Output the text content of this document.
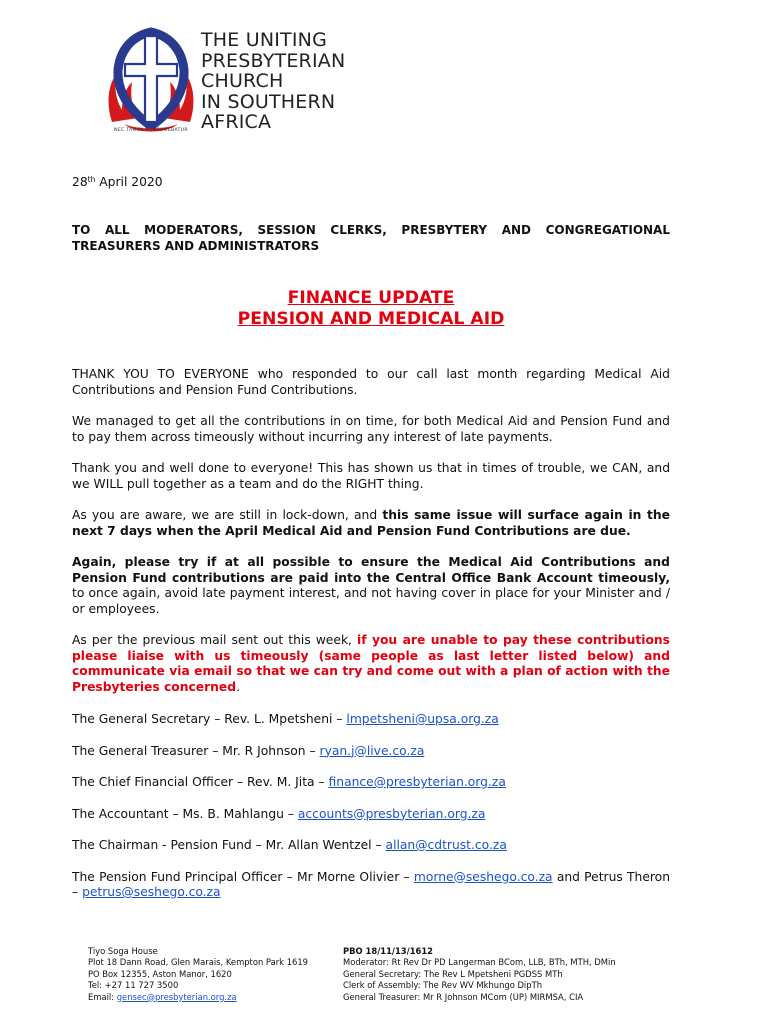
THE UNITING
PRESBYTERIAN
CHURCH
IN SOUTHERN
AFRICA
NEC TAMEN CONSUMEBATUR
28th April 2020
TO ALL MODERATORS, SESSION CLERKS, PRESBYTERY AND CONGREGATIONAL
TREASURERS AND ADMINISTRATORS
FINANCE UPDATE
PENSION AND MEDICAL AID

THANK YOU TO EVERYONE who responded to our call last month regarding Medical Aid Contributions and Pension Fund Contributions.

We managed to get all the contributions in on time, for both Medical Aid and Pension Fund and to pay them across timeously without incurring any interest of late payments.

Thank you and well done to everyone! This has shown us that in times of trouble, we CAN, and we WILL pull together as a team and do the RIGHT thing.

As you are aware, we are still in lock-down, and this same issue will surface again in the next 7 days when the April Medical Aid and Pension Fund Contributions are due.

Again, please try if at all possible to ensure the Medical Aid Contributions and Pension Fund contributions are paid into the Central Office Bank Account timeously, to once again, avoid late payment interest, and not having cover in place for your Minister and / or employees.

As per the previous mail sent out this week, if you are unable to pay these contributions please liaise with us timeously (same people as last letter listed below) and communicate via email so that we can try and come out with a plan of action with the Presbyteries concerned.

The General Secretary – Rev. L. Mpetsheni – lmpetsheni@upsa.org.za
The General Treasurer – Mr. R Johnson – ryan.j@live.co.za
The Chief Financial Officer – Rev. M. Jita – finance@presbyterian.org.za
The Accountant – Ms. B. Mahlangu – accounts@presbyterian.org.za
The Chairman - Pension Fund – Mr. Allan Wentzel – allan@cdtrust.co.za
The Pension Fund Principal Officer – Mr Morne Olivier – morne@seshego.co.za and Petrus Theron – petrus@seshego.co.za
Tiyo Soga House
Plot 18 Dann Road, Glen Marais, Kempton Park 1619
PO Box 12355, Aston Manor, 1620
Tel: +27 11 727 3500
Email: gensec@presbyterian.org.za
PBO 18/11/13/1612
Moderator: Rt Rev Dr PD Langerman BCom, LLB, BTh, MTH, DMin
General Secretary: The Rev L Mpetsheni PGDSS MTh
Clerk of Assembly: The Rev WV Mkhungo DipTh
General Treasurer: Mr R Johnson MCom (UP) MIRMSA, CIA
